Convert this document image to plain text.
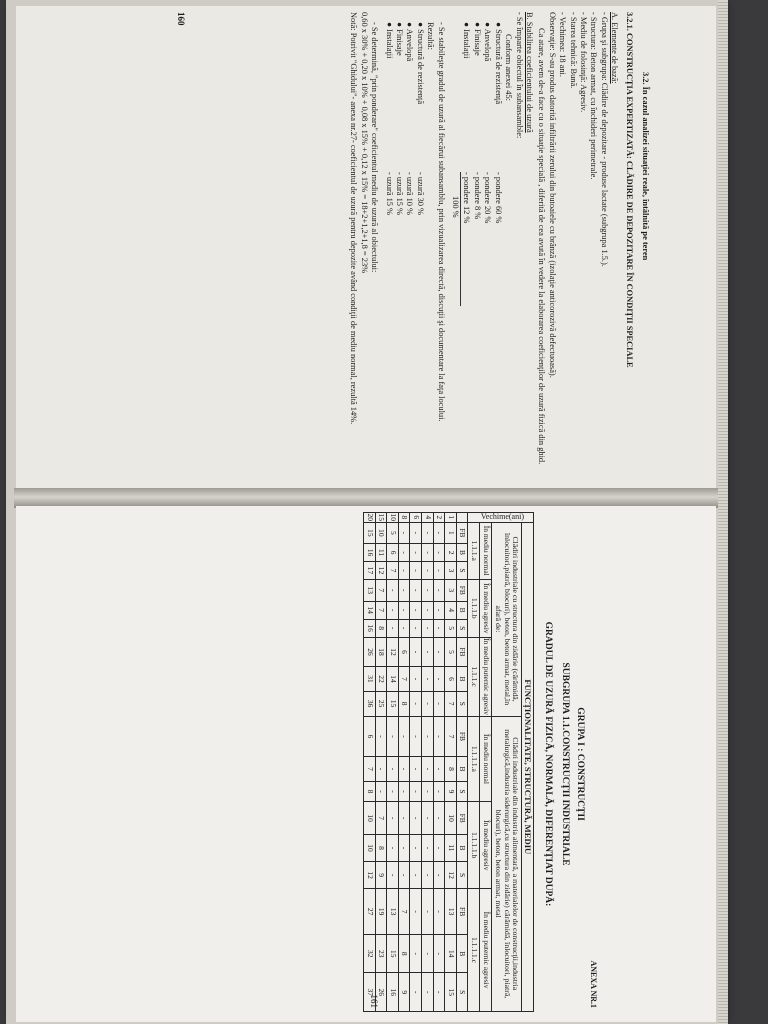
160

3.2. În cazul analizei situaţiei reale, întâlnită pe teren

3.2.1. CONSTRUCŢIA EXPERTIZATĂ: CLĂDIRE DE DEPOZITARE ÎN CONDIŢII SPECIALE

A. Elemente de bază:

- Grupa şi subgrupa: Clădire de depozitare - produse lactate (subgrupa 1.5.).

- Structura: Beton armat, cu închideri perimetrale.

- Mediu de folosinţă: Agresiv.

- Starea tehnică: Bună.

- Vechimea: 18 ani.

Observaţie: S-au produs datorită infiltrării zerului din butoaiele cu brânză (izolaţie anticorozivă defectuoasă).

Ca atare, avem de-a face cu o situaţie specială , diferită de cea avută în vedere la elaborarea coeficienţilor de uzură fizică din ghid.

B. Stabilirea coeficientului de uzură

- Se împarte obiectul în subansamble:

Conform anexei 45:

● Structură de rezistenţă
- pondere 60 %
● Anvelopă
- pondere 20 %
● Finisaje
- pondere 8 %
● Instalaţii
- pondere 12 %
100 %

- Se stabileşte gradul de uzură al fiecărui subansamblu, prin vizualizarea directă, discuţii şi documentare la faţa locului.

Rezultă:

● Structură de rezistenţă
- uzură 30 %
● Anvelopă
- uzură 10 %
● Finisaje
- uzură 15 %
● Instalaţii
- uzură 15 %

- Se determină, "prin ponderare" coeficientul mediu de uzură al obiectului:

0,60 x 30% + 0,20 x 10% + 0,08 x 15% + 0,12 x 15% = 18+2+1,2+1,8 = 23%

Notă: Potrivit "Ghidului"- anexa nr.27- coeficientul de uzură pentru depozite având condiţii de mediu normal, rezultă 14%.

ANEXA NR.1
GRUPA I : CONSTRUCŢII
SUBGRUPA 1.1.CONSTRUCŢII INDUSTRIALE
GRADUL DE UZURĂ FIZICĂ, NORMALĂ, DIFERENŢIAT DUPĂ:
Vechime(ani)	FUNCŢIONALITATE, STRUCTURĂ, MEDIU																	
	Clădiri industriale cu structura din zidărie (cărămidă, înlocuitori,piatră, blocuri), beton, beton armat, metal,în afară de:									Clădiri industriale din industria alimentară, a materialelor de construcţii,industria metalurgică,industria siderurgică,cu structura din zidărie) cărămidă, înlocuitori, piatră, blocuri), beton, beton armat, metal								
	În mediu normal			În mediu agresiv			În mediu puternic agresiv			În mediu normal			În mediu agresiv			În mediu puternic agresiv		
	1.1.1.a			1.1.1.b			1.1.1.c			1.1.1.1.a			1.1.1.1.b			1.1.1.1.c		
	FB	B	S	FB	B	S	FB	B	S	FB	B	S	FB	B	S	FB	B	S
1	1	2	3	3	4	5	5	6	7	7	8	9	10	11	12	13	14	15
2	-	-	-	-	-	-	-	-	-	-	-	-	-	-	-	-	-	-
4	-	-	-	-	-	-	-	-	-	-	-	-	-	-	-	-	-	-
6	-	-	-	-	-	-	-	-	-	-	-	-	-	-	-	-	-	-
8	-	-	-	-	-	-	6	7	8	-	-	-	-	-	-	7	8	9
10	5	6	7	-	-	-	12	14	15	-	-	-	-	-	-	13	15	16
15	10	11	12	7	7	8	18	22	25	-	-	-	7	8	9	19	23	26
20	15	16	17	13	14	16	26	31	36	6	7	8	10	10	12	27	32	37
161
